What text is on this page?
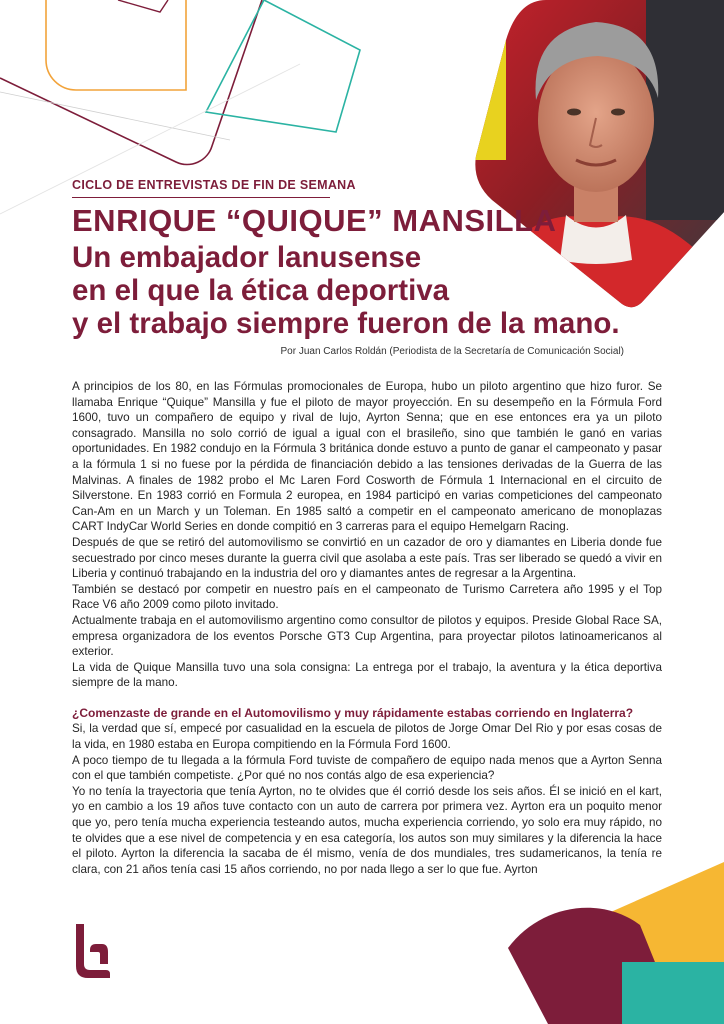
CICLO DE ENTREVISTAS DE FIN DE SEMANA
ENRIQUE “QUIQUE” MANSILLA
Un embajador lanusense
en el que la ética deportiva
y el trabajo siempre fueron de la mano.
Por Juan Carlos Roldán (Periodista de la Secretaría de Comunicación Social)

A principios de los 80, en las Fórmulas promocionales de Europa, hubo un piloto argentino que hizo furor. Se llamaba Enrique “Quique” Mansilla y fue el piloto de mayor proyección. En su desempeño en la Fórmula Ford 1600, tuvo un compañero de equipo y rival de lujo, Ayrton Senna; que en ese entonces era ya un piloto consagrado. Mansilla no solo corrió de igual a igual con el brasileño, sino que también le ganó en varias oportunidades. En 1982 condujo en la Fórmula 3 británica donde estuvo a punto de ganar el campeonato y pasar a la fórmula 1 si no fuese por la pérdida de financiación debido a las tensiones derivadas de la Guerra de las Malvinas. A finales de 1982 probo el Mc Laren Ford Cosworth de Fórmula 1 Internacional en el circuito de Silverstone. En 1983 corrió en Formula 2 europea, en 1984 participó en varias competiciones del campeonato Can-Am en un March y un Toleman. En 1985 saltó a competir en el campeonato americano de monoplazas CART IndyCar World Series en donde compitió en 3 carreras para el equipo Hemelgarn Racing.

Después de que se retiró del automovilismo se convirtió en un cazador de oro y diamantes en Liberia donde fue secuestrado por cinco meses durante la guerra civil que asolaba a este país. Tras ser liberado se quedó a vivir en Liberia y continuó trabajando en la industria del oro y diamantes antes de regresar a la Argentina.

También se destacó por competir en nuestro país en el campeonato de Turismo Carretera año 1995 y el Top Race V6 año 2009 como piloto invitado.

Actualmente trabaja en el automovilismo argentino como consultor de pilotos y equipos. Preside Global Race SA, empresa organizadora de los eventos Porsche GT3 Cup Argentina, para proyectar pilotos latinoamericanos al exterior.

La vida de Quique Mansilla tuvo una sola consigna: La entrega por el trabajo, la aventura y la ética deportiva siempre de la mano.

¿Comenzaste de grande en el Automovilismo y muy rápidamente estabas corriendo en Inglaterra?

Si, la verdad que sí, empecé por casualidad en la escuela de pilotos de Jorge Omar Del Rio y por esas cosas de la vida, en 1980 estaba en Europa compitiendo en la Fórmula Ford 1600.

A poco tiempo de tu llegada a la fórmula Ford tuviste de compañero de equipo nada menos que a Ayrton Senna con el que también competiste. ¿Por qué no nos contás algo de esa experiencia?

Yo no tenía la trayectoria que tenía Ayrton, no te olvides que él corrió desde los seis años. Él se inició en el kart, yo en cambio a los 19 años tuve contacto con un auto de carrera por primera vez. Ayrton era un poquito menor que yo, pero tenía mucha experiencia testeando autos, mucha experiencia corriendo, yo solo era muy rápido, no te olvides que a ese nivel de competencia y en esa categoría, los autos son muy similares y la diferencia la hace el piloto. Ayrton la diferencia la sacaba de él mismo, venía de dos mundiales, tres sudamericanos, la tenía re clara, con 21 años tenía casi 15 años corriendo, no por nada llego a ser lo que fue. Ayrton
